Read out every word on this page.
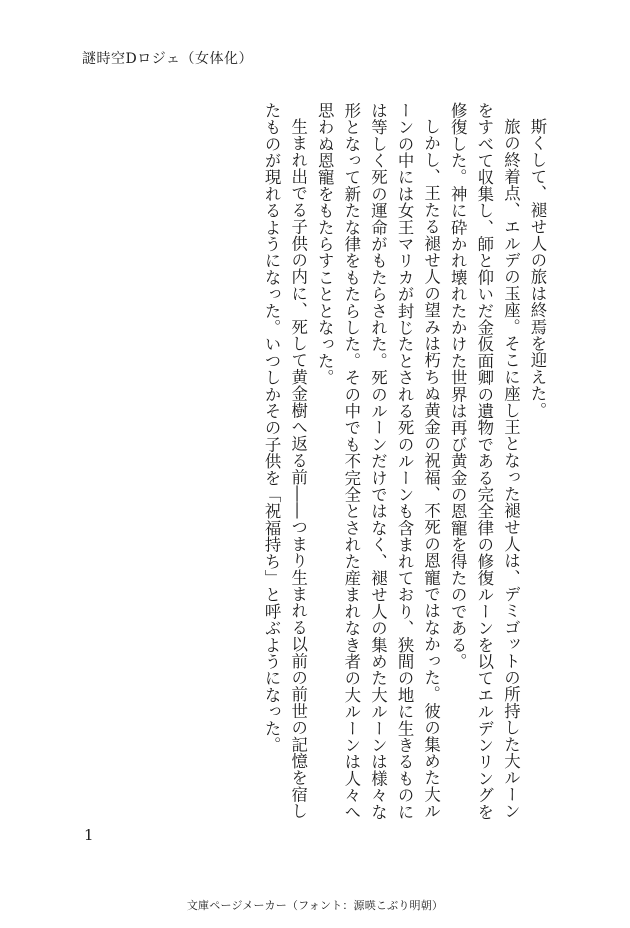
謎時空Dロジェ（女体化）

斯くして、褪せ人の旅は終焉を迎えた。

旅の終着点、エルデの玉座。そこに座し王となった褪せ人は、デミゴットの所持した大ルーンをすべて収集し、師と仰いだ金仮面卿の遺物である完全律の修復ルーンを以てエルデンリングを修復した。神に砕かれ壊れたかけた世界は再び黄金の恩寵を得たのである。

しかし、王たる褪せ人の望みは朽ちぬ黄金の祝福、不死の恩寵ではなかった。彼の集めた大ルーンの中には女王マリカが封じたとされる死のルーンも含まれており、狭間の地に生きるものには等しく死の運命がもたらされた。死のルーンだけではなく、褪せ人の集めた大ルーンは様々な形となって新たな律をもたらした。その中でも不完全とされた産まれなき者の大ルーンは人々へ思わぬ恩寵をもたらすこととなった。

生まれ出でる子供の内に、死して黄金樹へ返る前――つまり生まれる以前の前世の記憶を宿したものが現れるようになった。いつしかその子供を「祝福持ち」と呼ぶようになった。

1
文庫ページメーカー（フォント：源暎こぶり明朝）
